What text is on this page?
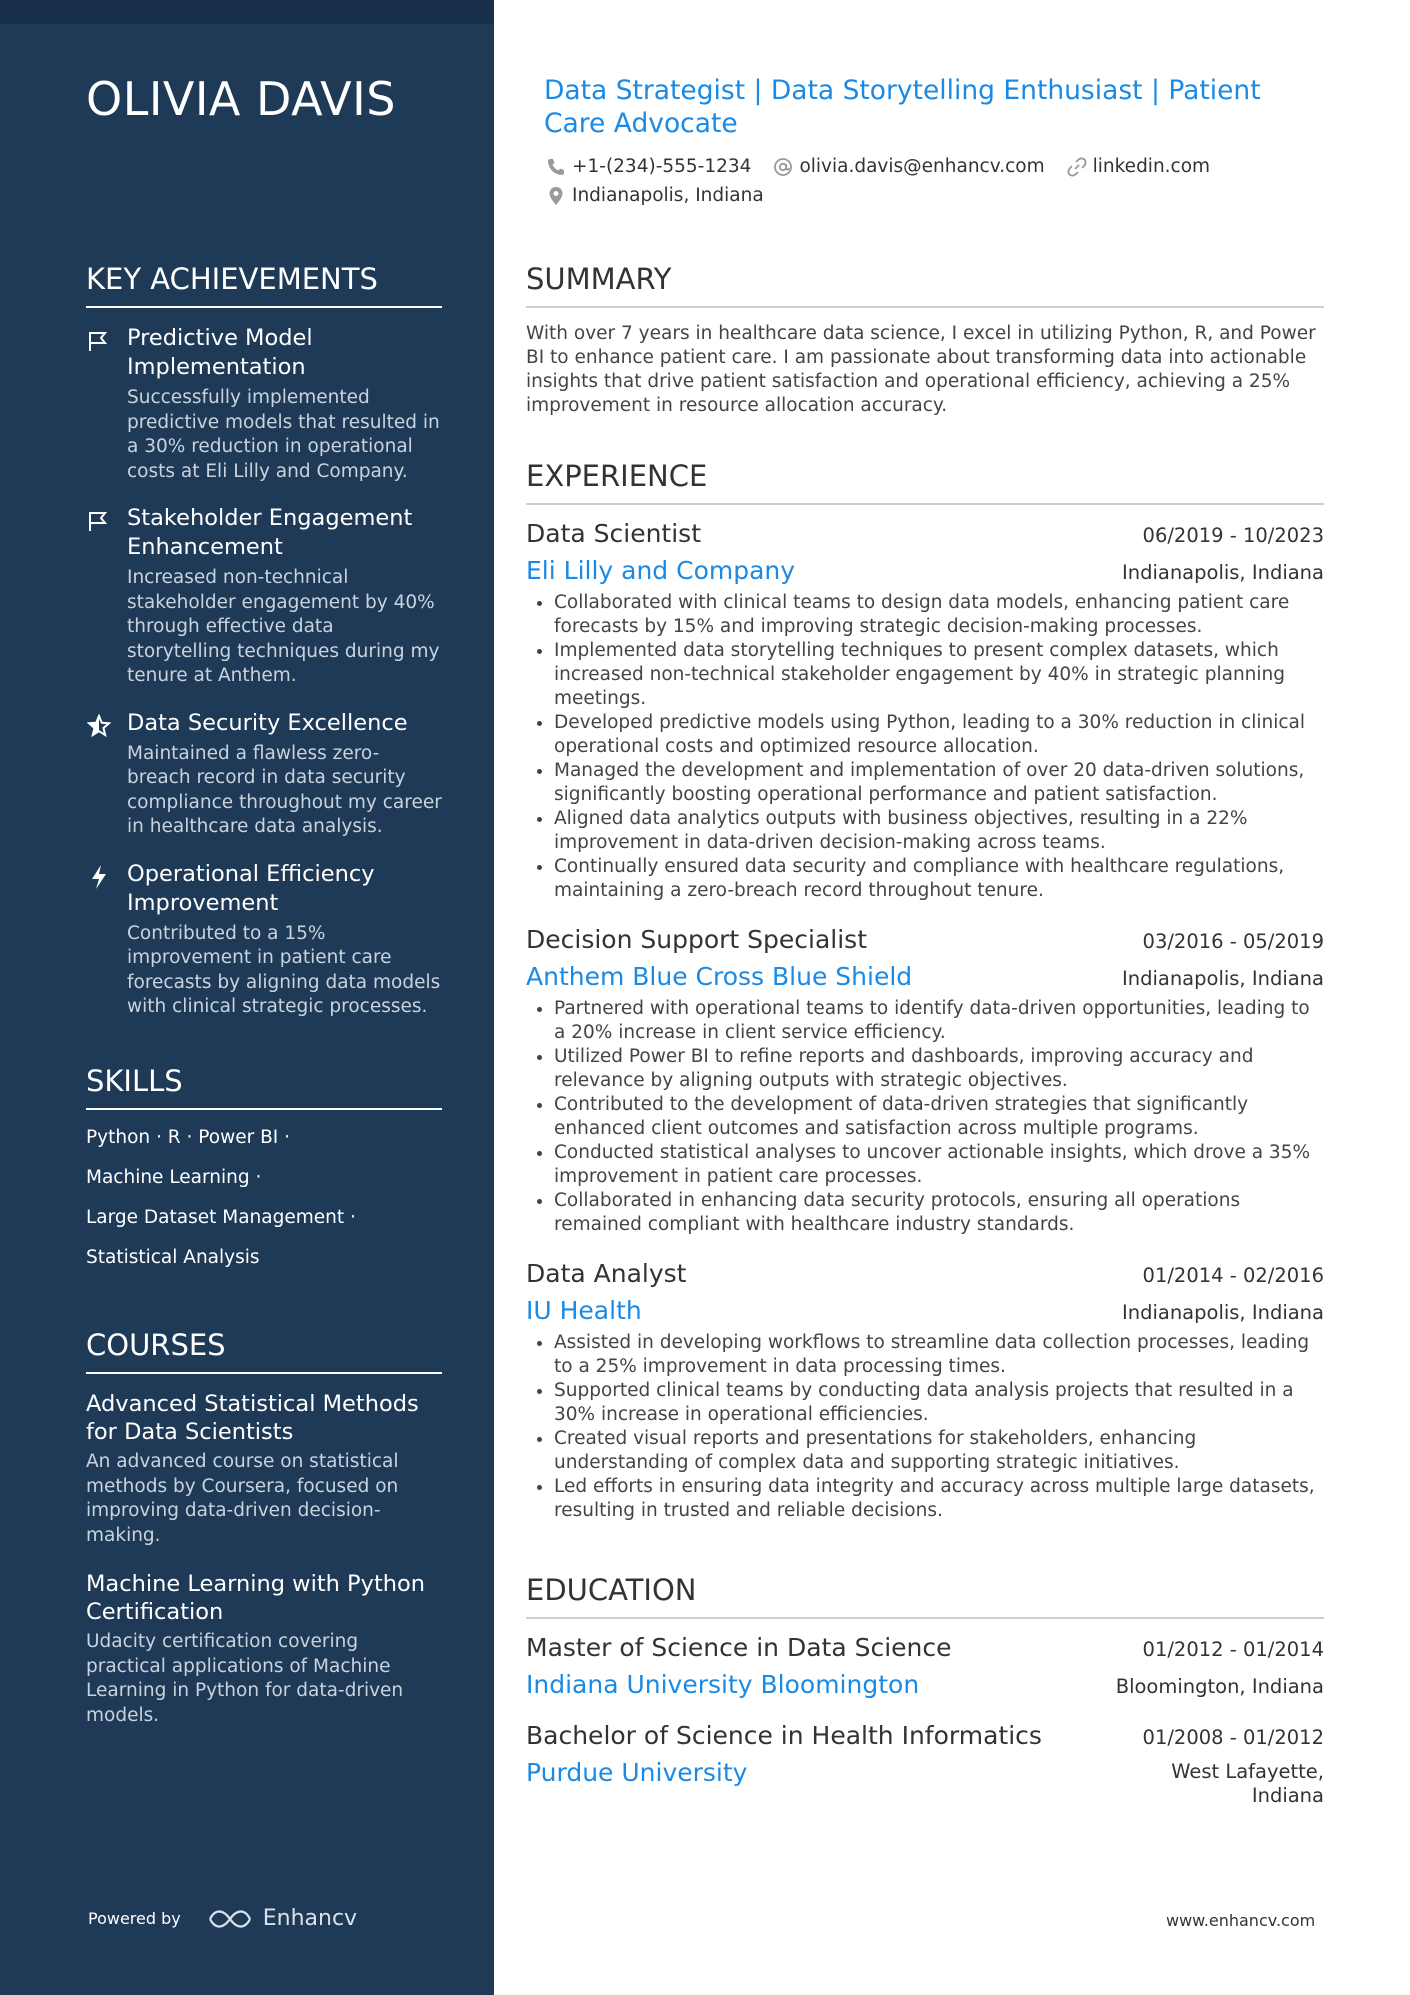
OLIVIA DAVIS
KEY ACHIEVEMENTS
Predictive Model Implementation
Successfully implemented predictive models that resulted in a 30% reduction in operational costs at Eli Lilly and Company.
Stakeholder Engagement Enhancement
Increased non-technical stakeholder engagement by 40% through effective data storytelling techniques during my tenure at Anthem.
Data Security Excellence
Maintained a flawless zero-breach record in data security compliance throughout my career in healthcare data analysis.
Operational Efficiency Improvement
Contributed to a 15% improvement in patient care forecasts by aligning data models with clinical strategic processes.
SKILLS
Python · R · Power BI ·
Machine Learning ·
Large Dataset Management ·
Statistical Analysis
COURSES
Advanced Statistical Methods for Data Scientists
An advanced course on statistical methods by Coursera, focused on improving data-driven decision-making.
Machine Learning with Python Certification
Udacity certification covering practical applications of Machine Learning in Python for data-driven models.
Powered by	Enhancv
Data Strategist | Data Storytelling Enthusiast | Patient Care Advocate
+1-(234)-555-1234	olivia.davis@enhancv.com	linkedin.com
Indianapolis, Indiana
SUMMARY
With over 7 years in healthcare data science, I excel in utilizing Python, R, and Power BI to enhance patient care. I am passionate about transforming data into actionable insights that drive patient satisfaction and operational efficiency, achieving a 25% improvement in resource allocation accuracy.
EXPERIENCE
Data Scientist	06/2019 - 10/2023
Eli Lilly and Company	Indianapolis, Indiana
• Collaborated with clinical teams to design data models, enhancing patient care forecasts by 15% and improving strategic decision-making processes.
• Implemented data storytelling techniques to present complex datasets, which increased non-technical stakeholder engagement by 40% in strategic planning meetings.
• Developed predictive models using Python, leading to a 30% reduction in clinical operational costs and optimized resource allocation.
• Managed the development and implementation of over 20 data-driven solutions, significantly boosting operational performance and patient satisfaction.
• Aligned data analytics outputs with business objectives, resulting in a 22% improvement in data-driven decision-making across teams.
• Continually ensured data security and compliance with healthcare regulations, maintaining a zero-breach record throughout tenure.
Decision Support Specialist	03/2016 - 05/2019
Anthem Blue Cross Blue Shield	Indianapolis, Indiana
• Partnered with operational teams to identify data-driven opportunities, leading to a 20% increase in client service efficiency.
• Utilized Power BI to refine reports and dashboards, improving accuracy and relevance by aligning outputs with strategic objectives.
• Contributed to the development of data-driven strategies that significantly enhanced client outcomes and satisfaction across multiple programs.
• Conducted statistical analyses to uncover actionable insights, which drove a 35% improvement in patient care processes.
• Collaborated in enhancing data security protocols, ensuring all operations remained compliant with healthcare industry standards.
Data Analyst	01/2014 - 02/2016
IU Health	Indianapolis, Indiana
• Assisted in developing workflows to streamline data collection processes, leading to a 25% improvement in data processing times.
• Supported clinical teams by conducting data analysis projects that resulted in a 30% increase in operational efficiencies.
• Created visual reports and presentations for stakeholders, enhancing understanding of complex data and supporting strategic initiatives.
• Led efforts in ensuring data integrity and accuracy across multiple large datasets, resulting in trusted and reliable decisions.
EDUCATION
Master of Science in Data Science	01/2012 - 01/2014
Indiana University Bloomington	Bloomington, Indiana
Bachelor of Science in Health Informatics	01/2008 - 01/2012
Purdue University	West Lafayette, Indiana
www.enhancv.com
